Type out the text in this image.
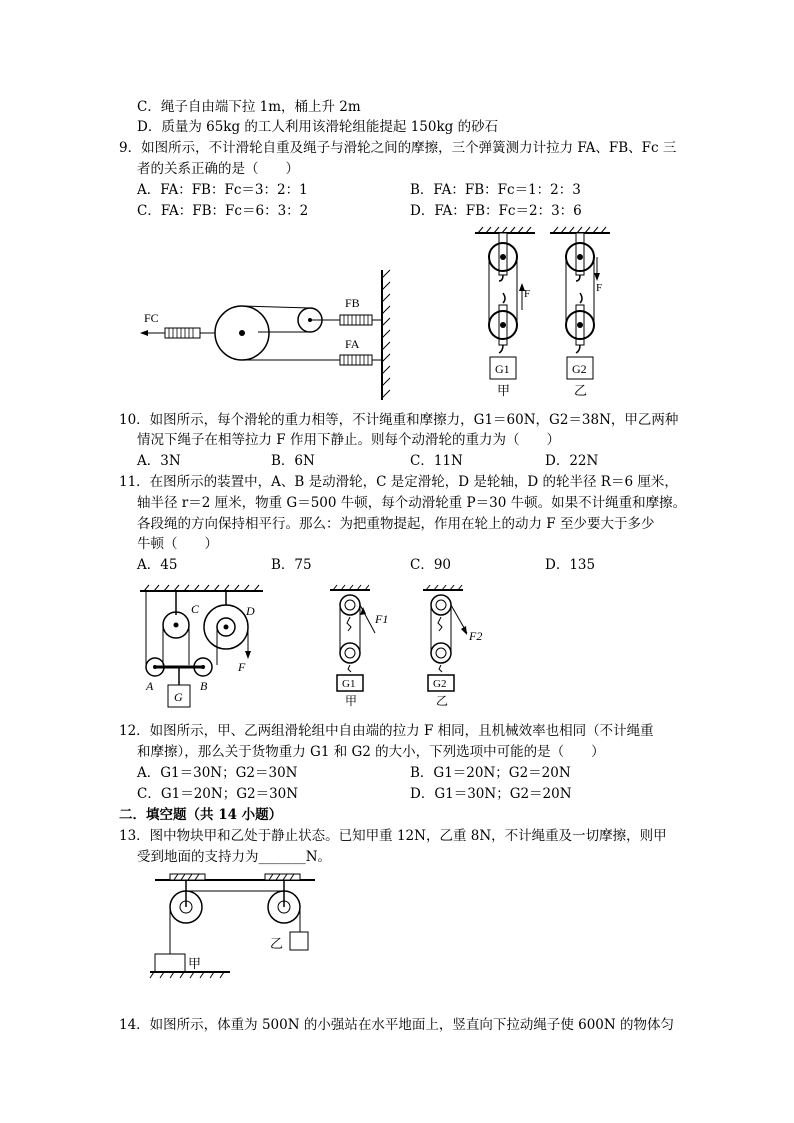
C．绳子自由端下拉 1m，桶上升 2m
D．质量为 65kg 的工人利用该滑轮组能提起 150kg 的砂石
9．如图所示，不计滑轮自重及绳子与滑轮之间的摩擦，三个弹簧测力计拉力 FA、FB、Fc 三
者的关系正确的是（　　）
A．FA：FB：Fc＝3：2：1	B．FA：FB：Fc＝1：2：3
C．FA：FB：Fc＝6：3：2	D．FA：FB：Fc＝2：3：6
FC
FB
FA
F
G1
甲
F
G2
乙
10．如图所示，每个滑轮的重力相等，不计绳重和摩擦力，G1＝60N，G2＝38N，甲乙两种
情况下绳子在相等拉力 F 作用下静止。则每个动滑轮的重力为（　　）
A．3N	B．6N	C．11N	D．22N
11．在图所示的装置中，A、B 是动滑轮，C 是定滑轮，D 是轮轴，D 的轮半径 R＝6 厘米，
轴半径 r＝2 厘米，物重 G＝500 牛顿，每个动滑轮重 P＝30 牛顿。如果不计绳重和摩擦。
各段绳的方向保持相平行。那么：为把重物提起，作用在轮上的动力 F 至少要大于多少
牛顿（　　）
A．45	B．75	C．90	D．135
C	D
F
A	B
G
F1
G1
甲
F2
G2
乙
12．如图所示，甲、乙两组滑轮组中自由端的拉力 F 相同，且机械效率也相同（不计绳重
和摩擦），那么关于货物重力 G1 和 G2 的大小，下列选项中可能的是（　　）
A．G1＝30N；G2＝30N	B．G1＝20N；G2＝20N
C．G1＝20N；G2＝30N	D．G1＝30N；G2＝20N
二．填空题（共 14 小题）
13．图中物块甲和乙处于静止状态。已知甲重 12N，乙重 8N，不计绳重及一切摩擦，则甲
受到地面的支持力为_______N。
甲
乙
14．如图所示，体重为 500N 的小强站在水平地面上，竖直向下拉动绳子使 600N 的物体匀
